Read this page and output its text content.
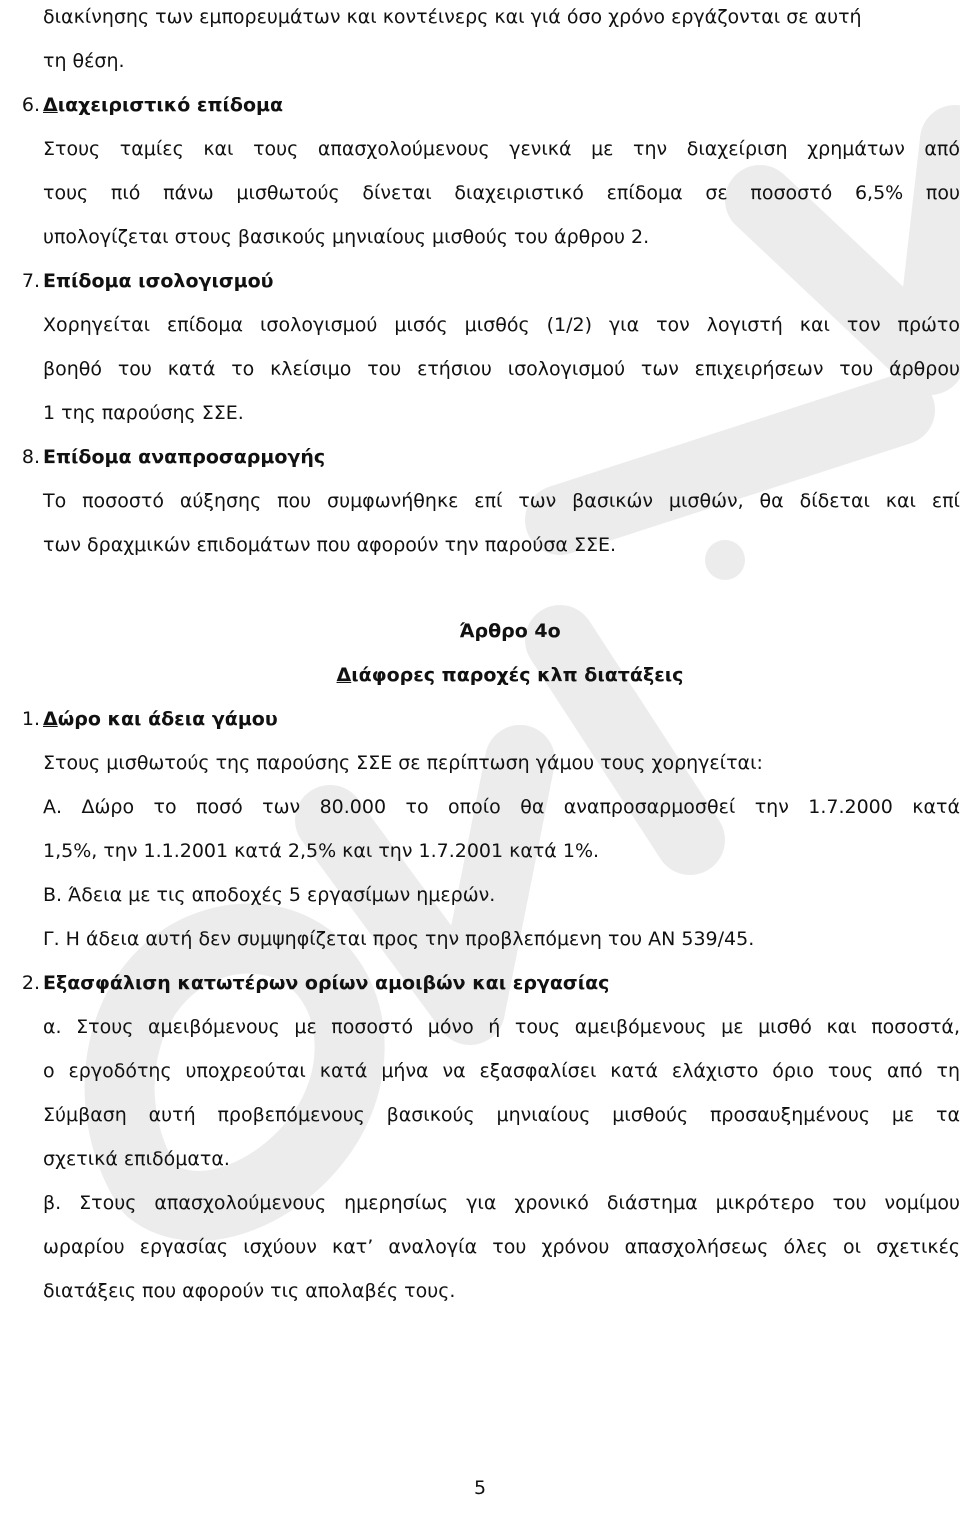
διακίνησης των εμπορευμάτων και κοντέινερς και γιά όσο χρόνο εργάζονται σε αυτή
τη θέση.
6. Διαχειριστικό επίδομα
Στους ταμίες και τους απασχολούμενους γενικά με την διαχείριση χρημάτων από
τους πιό πάνω μισθωτούς δίνεται διαχειριστικό επίδομα σε ποσοστό 6,5% που
υπολογίζεται στους βασικούς μηνιαίους μισθούς του άρθρου 2.
7. Επίδομα ισολογισμού
Χορηγείται επίδομα ισολογισμού μισός μισθός (1/2) για τον λογιστή και τον πρώτο
βοηθό του κατά το κλείσιμο του ετήσιου ισολογισμού των επιχειρήσεων του άρθρου
1 της παρούσης ΣΣΕ.
8. Επίδομα αναπροσαρμογής
Το ποσοστό αύξησης που συμφωνήθηκε επί των βασικών μισθών, θα δίδεται και επί
των δραχμικών επιδομάτων που αφορούν την παρούσα ΣΣΕ.
Άρθρο 4ο
Διάφορες παροχές κλπ διατάξεις
1. Δώρο και άδεια γάμου
Στους μισθωτούς της παρούσης ΣΣΕ σε περίπτωση γάμου τους χορηγείται:
Α. Δώρο το ποσό των 80.000 το οποίο θα αναπροσαρμοσθεί την 1.7.2000 κατά
1,5%, την 1.1.2001 κατά 2,5% και την 1.7.2001 κατά 1%.
Β. Άδεια με τις αποδοχές 5 εργασίμων ημερών.
Γ. Η άδεια αυτή δεν συμψηφίζεται προς την προβλεπόμενη του ΑΝ 539/45.
2. Εξασφάλιση κατωτέρων ορίων αμοιβών και εργασίας
α. Στους αμειβόμενους με ποσοστό μόνο ή τους αμειβόμενους με μισθό και ποσοστά,
ο εργοδότης υποχρεούται κατά μήνα να εξασφαλίσει κατά ελάχιστο όριο τους από τη
Σύμβαση αυτή προβεπόμενους βασικούς μηνιαίους μισθούς προσαυξημένους με τα
σχετικά επιδόματα.
β. Στους απασχολούμενους ημερησίως για χρονικό διάστημα μικρότερο του νομίμου
ωραρίου εργασίας ισχύουν κατ’ αναλογία του χρόνου απασχολήσεως όλες οι σχετικές
διατάξεις που αφορούν τις απολαβές τους.
5
